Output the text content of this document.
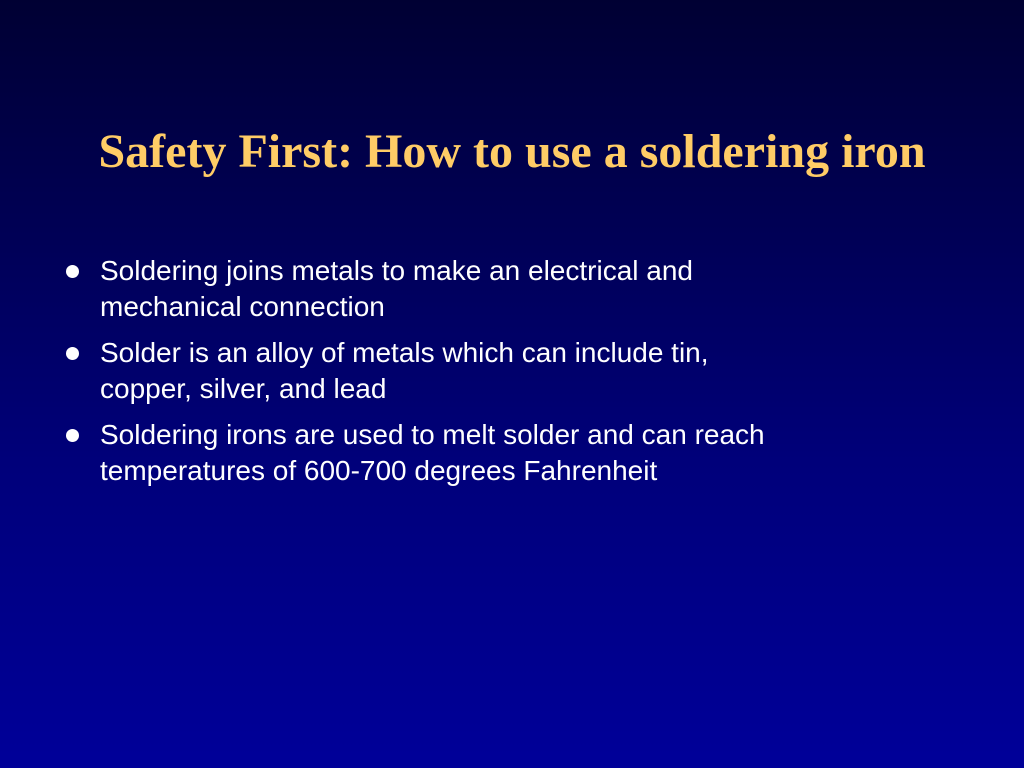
Safety First: How to use a soldering iron
Soldering joins metals to make an electrical and
mechanical connection
Solder is an alloy of metals which can include tin,
copper, silver, and lead
Soldering irons are used to melt solder and can reach
temperatures of 600-700 degrees Fahrenheit
